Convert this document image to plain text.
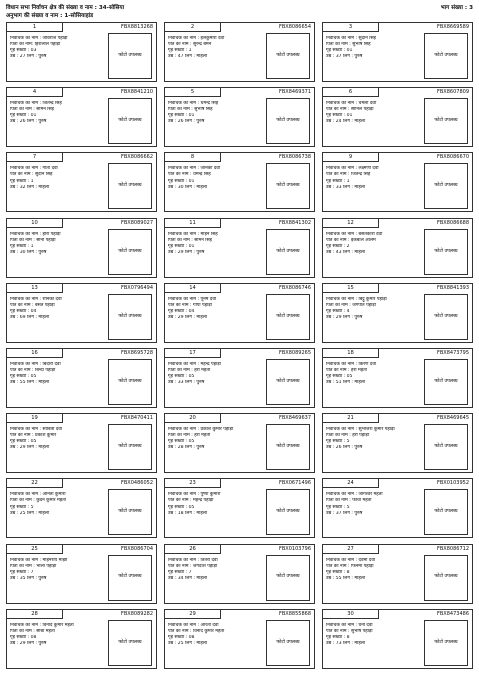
विधान सभा निर्वाचन क्षेत्र की संख्या व नाम : 34-सोसिया	भाग संख्या : 3
अनुभाग की संख्या व नाम : 1-सोसियाहांड
1	FBX8813268
निर्वाचक का नाम : जीवराज पहाड़ी
पिता का नाम: हिरालाल पहाड़ी
गृह संख्या : 03
उम्र : 27 लिंग : पुरुष	फोटो उपलब्ध
2	FBX8086654
निर्वाचक का नाम : हलकुमारी देवी
पति का नाम : सुरेन्द्र बमन
गृह संख्या : 1
उम्र : 47 लिंग : महिला	फोटो उपलब्ध
3	FBX8669589
निर्वाचक का नाम : सुदीन सिंह
पिता का नाम : सुभाष सिंह
गृह संख्या : 01
उम्र : 37 लिंग : पुरुष	फोटो उपलब्ध
4	FBX8841210
निर्वाचक का नाम : जितेन्द्र सिंह
पिता का नाम : सोमन सिंह
गृह संख्या : 01
उम्र : 26 लिंग : पुरुष	फोटो उपलब्ध
5	FBX8469371
निर्वाचक का नाम : धर्मेन्द्र सिंह
पिता का नाम : सुभाष सिंह
गृह संख्या : 01
उम्र : 26 लिंग : पुरुष	फोटो उपलब्ध
6	FBX8607809
निर्वाचक का नाम : चमेली देवी
पति का नाम : सोनिल पहाड़ी
गृह संख्या : 01
उम्र : 24 लिंग : महिला	फोटो उपलब्ध
7	FBX8086662
निर्वाचक का नाम : गीता देवी
पति का नाम : सुदीन सिंह
गृह संख्या : 1
उम्र : 32 लिंग : महिला	फोटो उपलब्ध
8	FBX8086738
निर्वाचक का नाम : जानकी देवी
पति का नाम : धर्मेन्द्र सिंह
गृह संख्या : 01
उम्र : 30 लिंग : महिला	फोटो उपलब्ध
9	FBX8086670
निर्वाचक का नाम : लक्ष्मणी देवी
पति का नाम : जितेन्द्र सिंह
गृह संख्या : 1
उम्र : 33 लिंग : महिला	फोटो उपलब्ध
10	FBX8089027
निर्वाचक का नाम : हीरा पहाड़ी
पिता का नाम : सोना पहाड़ी
गृह संख्या : 1
उम्र : 30 लिंग : पुरुष	फोटो उपलब्ध
11	FBX8841302
निर्वाचक का नाम : मोहन सिंह
पिता का नाम : सोमन सिंह
गृह संख्या : 01
उम्र : 29 लिंग : पुरुष	फोटो उपलब्ध
12	FBX8086688
निर्वाचक का नाम : बसंतकारी देवी
पति का नाम : इकबाल आलम
गृह संख्या : 2
उम्र : 43 लिंग : महिला	फोटो उपलब्ध
13	FBX0796494
निर्वाचक का नाम : रौनिका देवी
पति का नाम : बसंत पहाड़ी
गृह संख्या : 04
उम्र : 69 लिंग : महिला	फोटो उपलब्ध
14	FBX8086746
निर्वाचक का नाम : पूनम देवी
पति का नाम : गोपा पहाड़ी
गृह संख्या : 04
उम्र : 29 लिंग : महिला	फोटो उपलब्ध
15	FBX8841393
निर्वाचक का नाम : बिट्टू कुमार पहाड़ी
पिता का नाम : जगपति पहाड़ी
गृह संख्या : 4
उम्र : 29 लिंग : पुरुष	फोटो उपलब्ध
16	FBX8695728
निर्वाचक का नाम : बिंदारी देवी
पति का नाम : बिन्दा पहाड़ी
गृह संख्या : 05
उम्र : 55 लिंग : महिला	फोटो उपलब्ध
17	FBX8089265
निर्वाचक का नाम : महेन्द्र पहाड़ी
पिता का नाम : हरी महतो
गृह संख्या : 05
उम्र : 33 लिंग : पुरुष	फोटो उपलब्ध
18	FBX8473795
निर्वाचक का नाम : किरण देवी
पति का नाम : हरी महतो
गृह संख्या : 05
उम्र : 51 लिंग : महिला	फोटो उपलब्ध
19	FBX8470411
निर्वाचक का नाम : साबित्री देवी
पति का नाम : प्रकाश कुमार
गृह संख्या : 05
उम्र : 29 लिंग : महिला	फोटो उपलब्ध
20	FBX8469637
निर्वाचक का नाम : प्रकाश कुमार पहाड़ी
पिता का नाम : हरी महतो
गृह संख्या : 05
उम्र : 28 लिंग : पुरुष	फोटो उपलब्ध
21	FBX8469645
निर्वाचक का नाम : सुभाजरा कुमार पहाड़ी
पिता का नाम : हरी पहाड़ी
गृह संख्या : 5
उम्र : 26 लिंग : पुरुष	फोटो उपलब्ध
22	FBX0486052
निर्वाचक का नाम : अनिता कुमारी
पिता का नाम : कुंदन कुमार महतो
गृह संख्या : 5
उम्र : 25 लिंग : महिला	फोटो उपलब्ध
23	FBX0671496
निर्वाचक का नाम : पुष्पा कुमारी
पति का नाम : महेन्द्र पहाड़ी
गृह संख्या : 05
उम्र : 18 लिंग : महिला	फोटो उपलब्ध
24	FBX0103952
निर्वाचक का नाम : जागेश्वर महतो
पिता का नाम : फोचा महतो
गृह संख्या : 5
उम्र : 37 लिंग : पुरुष	फोटो उपलब्ध
25	FBX8086704
निर्वाचक का नाम : मोहनराय मांझी
पिता का नाम : भोला पहाड़ी
गृह संख्या : 7
उम्र : 35 लिंग : पुरुष	फोटो उपलब्ध
26	FBX0103796
निर्वाचक का नाम : तितरा देवी
पति का नाम : जगदीश पहाड़ी
गृह संख्या : 7
उम्र : 34 लिंग : महिला	फोटो उपलब्ध
27	FBX8086712
निर्वाचक का नाम : देवमी देवी
पति का नाम : फिनमा पहाड़ी
गृह संख्या : 8
उम्र : 55 लिंग : महिला	फोटो उपलब्ध
28	FBX8089282
निर्वाचक का नाम : विनाद कुमार महतो
पिता का नाम : सीबा महतो
गृह संख्या : 08
उम्र : 29 लिंग : पुरुष	फोटो उपलब्ध
29	FBX8855868
निर्वाचक का नाम : आरती देवी
पति का नाम : विनाद कुमार महतो
गृह संख्या : 08
उम्र : 25 लिंग : महिला	फोटो उपलब्ध
30	FBX8473486
निर्वाचक का नाम : घनी देवी
पति का नाम : सुभाष पहाड़ी
गृह संख्या : 8
उम्र : 73 लिंग : महिला	फोटो उपलब्ध
